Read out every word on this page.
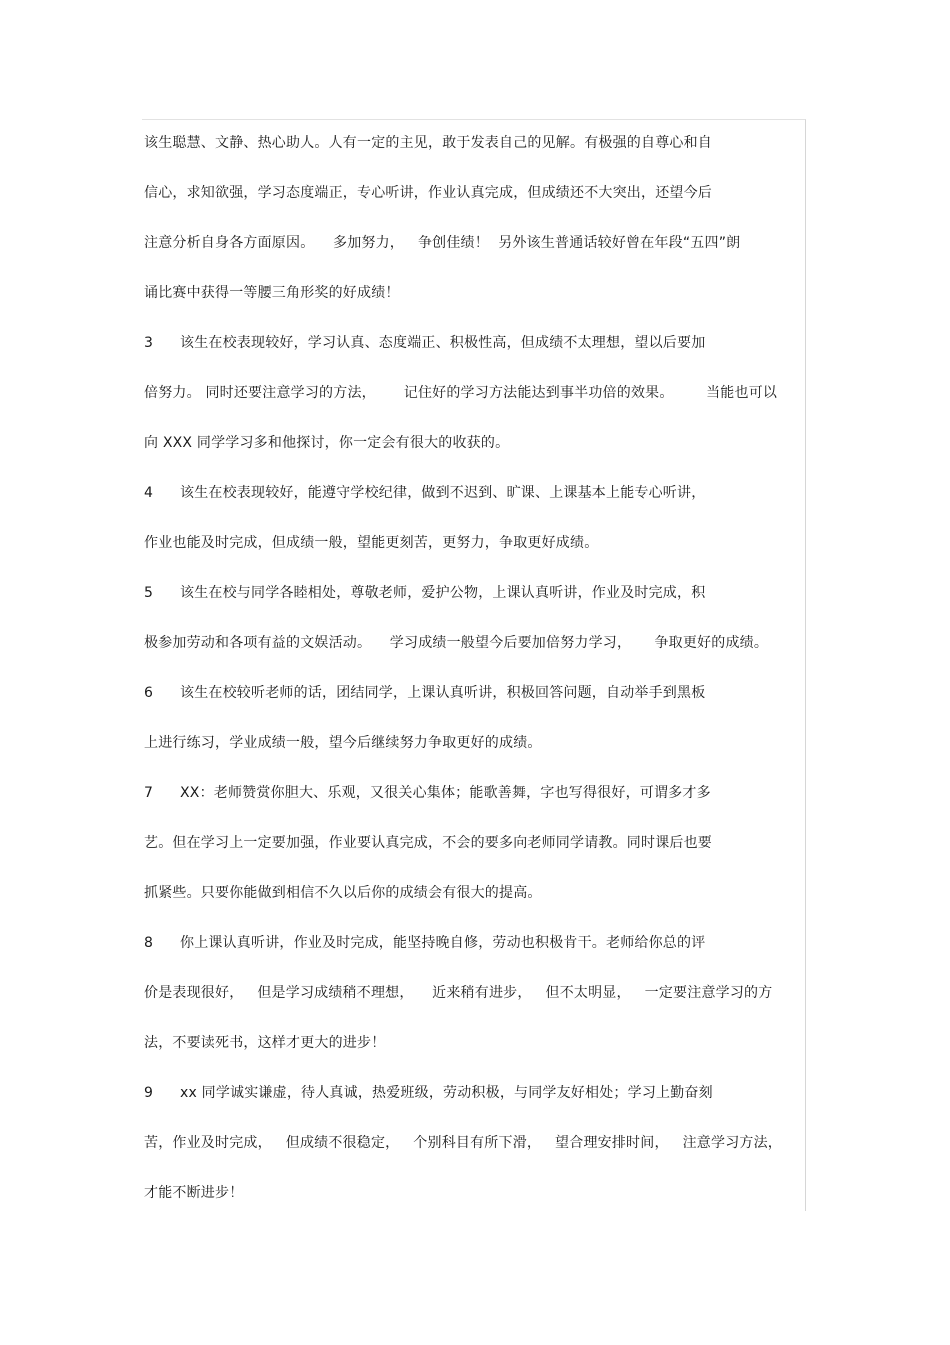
该生聪慧、文静、热心助人。人有一定的主见，敢于发表自己的见解。有极强的自尊心和自
信心，求知欲强，学习态度端正，专心听讲，作业认真完成，但成绩还不大突出，还望今后
注意分析自身各方面原因。    多加努力，   争创佳绩！  另外该生普通话较好曾在年段“五四”朗
诵比赛中获得一等腰三角形奖的好成绩！
3 该生在校表现较好，学习认真、态度端正、积极性高，但成绩不太理想，望以后要加
倍努力。 同时还要注意学习的方法，      记住好的学习方法能达到事半功倍的效果。       当能也可以
向 XXX 同学学习多和他探讨，你一定会有很大的收获的。
4 该生在校表现较好，能遵守学校纪律，做到不迟到、旷课、上课基本上能专心听讲，
作业也能及时完成，但成绩一般，望能更刻苦，更努力，争取更好成绩。
5 该生在校与同学各睦相处，尊敬老师，爱护公物，上课认真听讲，作业及时完成，积
极参加劳动和各项有益的文娱活动。    学习成绩一般望今后要加倍努力学习，     争取更好的成绩。
6 该生在校较听老师的话，团结同学，上课认真听讲，积极回答问题，自动举手到黑板
上进行练习，学业成绩一般，望今后继续努力争取更好的成绩。
7 XX：老师赞赏你胆大、乐观，又很关心集体；能歌善舞，字也写得很好，可谓多才多
艺。但在学习上一定要加强，作业要认真完成，不会的要多向老师同学请教。同时课后也要
抓紧些。只要你能做到相信不久以后你的成绩会有很大的提高。
8 你上课认真听讲，作业及时完成，能坚持晚自修，劳动也积极肯干。老师给你总的评
价是表现很好，   但是学习成绩稍不理想，    近来稍有进步，   但不太明显，   一定要注意学习的方
法，不要读死书，这样才更大的进步！
9 xx 同学诚实谦虚，待人真诚，热爱班级，劳动积极，与同学友好相处；学习上勤奋刻
苦，作业及时完成，   但成绩不很稳定，   个别科目有所下滑，   望合理安排时间，   注意学习方法，
才能不断进步！
